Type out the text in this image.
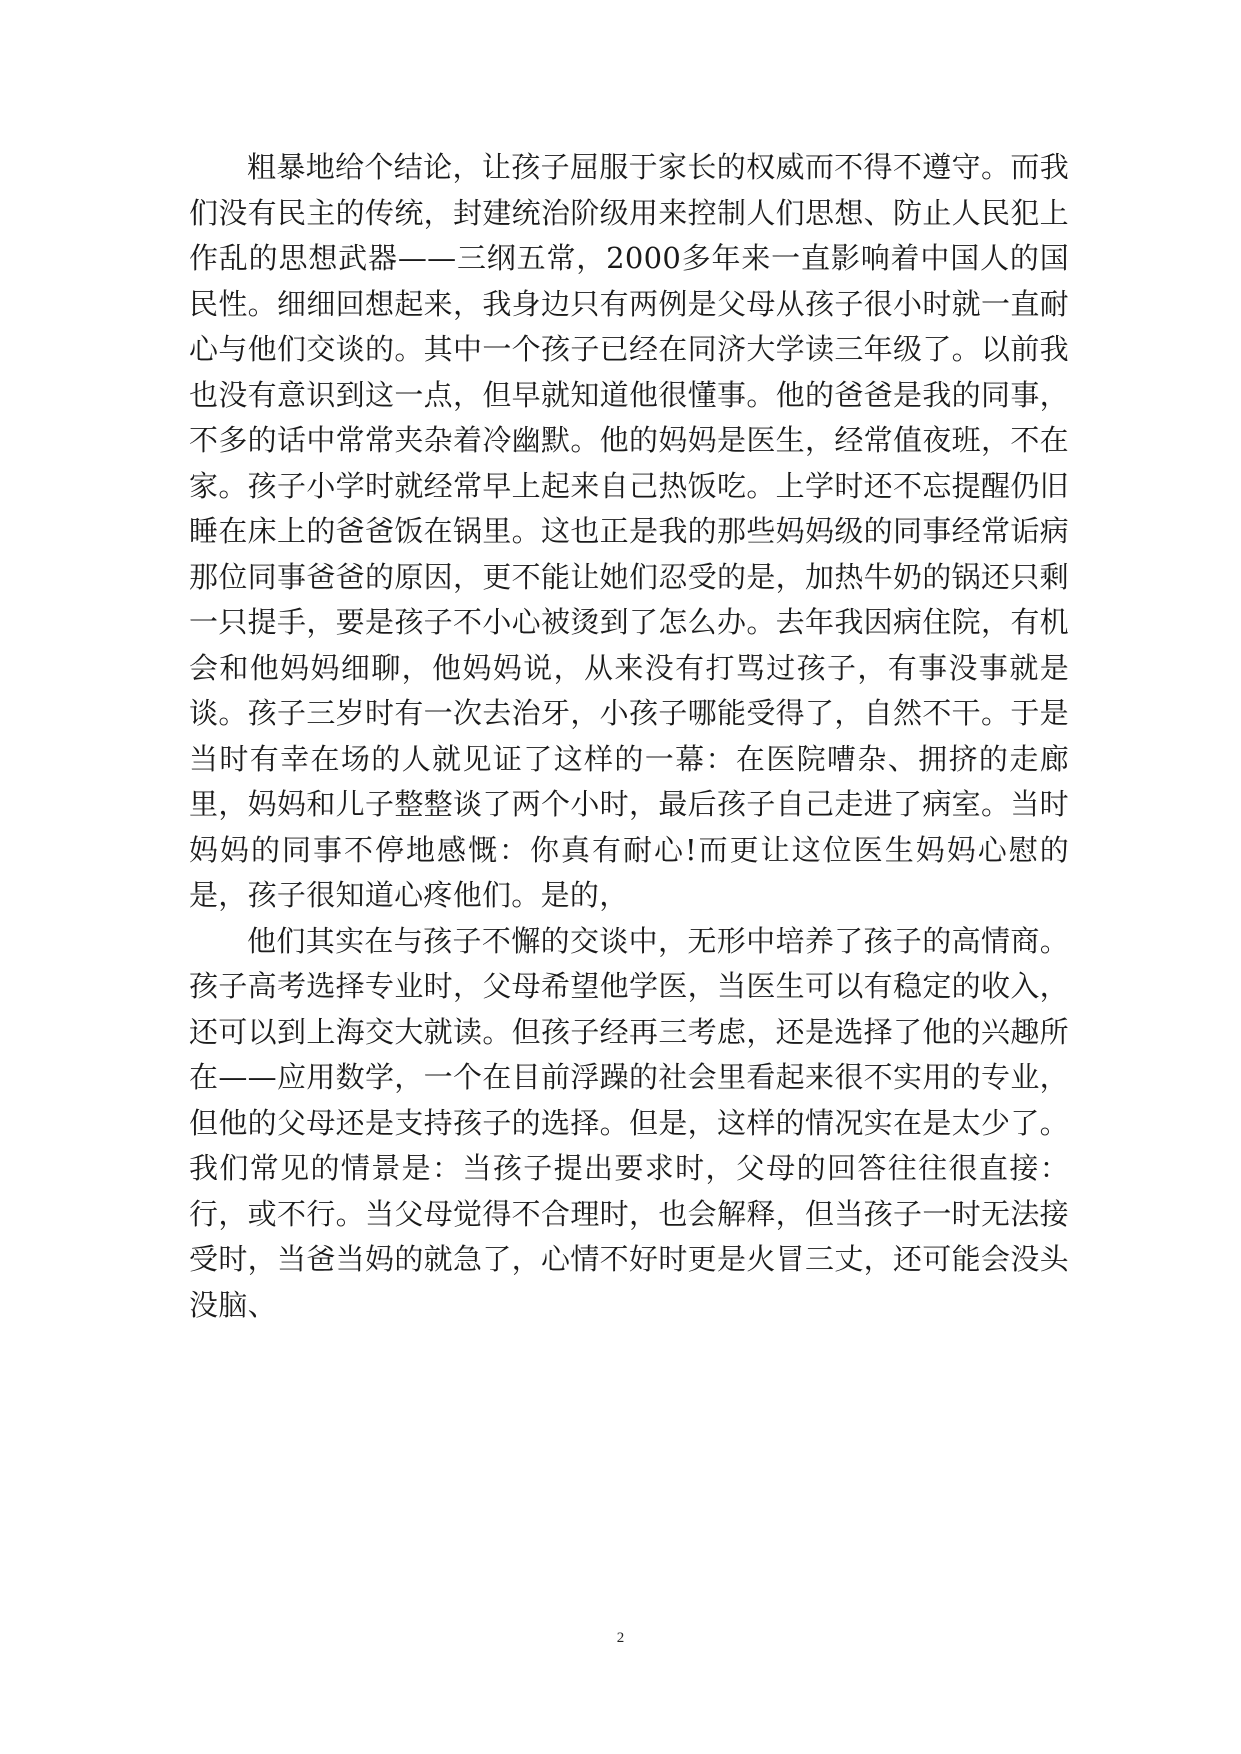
粗暴地给个结论，让孩子屈服于家长的权威而不得不遵守。而我们没有民主的传统，封建统治阶级用来控制人们思想、防止人民犯上作乱的思想武器——三纲五常，2000多年来一直影响着中国人的国民性。细细回想起来，我身边只有两例是父母从孩子很小时就一直耐心与他们交谈的。其中一个孩子已经在同济大学读三年级了。以前我也没有意识到这一点，但早就知道他很懂事。他的爸爸是我的同事，不多的话中常常夹杂着冷幽默。他的妈妈是医生，经常值夜班，不在家。孩子小学时就经常早上起来自己热饭吃。上学时还不忘提醒仍旧睡在床上的爸爸饭在锅里。这也正是我的那些妈妈级的同事经常诟病那位同事爸爸的原因，更不能让她们忍受的是，加热牛奶的锅还只剩一只提手，要是孩子不小心被烫到了怎么办。去年我因病住院，有机会和他妈妈细聊，他妈妈说，从来没有打骂过孩子，有事没事就是谈。孩子三岁时有一次去治牙，小孩子哪能受得了，自然不干。于是当时有幸在场的人就见证了这样的一幕：在医院嘈杂、拥挤的走廊里，妈妈和儿子整整谈了两个小时，最后孩子自己走进了病室。当时妈妈的同事不停地感慨：你真有耐心!而更让这位医生妈妈心慰的是，孩子很知道心疼他们。是的，

他们其实在与孩子不懈的交谈中，无形中培养了孩子的高情商。孩子高考选择专业时，父母希望他学医，当医生可以有稳定的收入，还可以到上海交大就读。但孩子经再三考虑，还是选择了他的兴趣所在——应用数学，一个在目前浮躁的社会里看起来很不实用的专业，但他的父母还是支持孩子的选择。但是，这样的情况实在是太少了。我们常见的情景是：当孩子提出要求时，父母的回答往往很直接：行，或不行。当父母觉得不合理时，也会解释，但当孩子一时无法接受时，当爸当妈的就急了，心情不好时更是火冒三丈，还可能会没头没脑、

2
